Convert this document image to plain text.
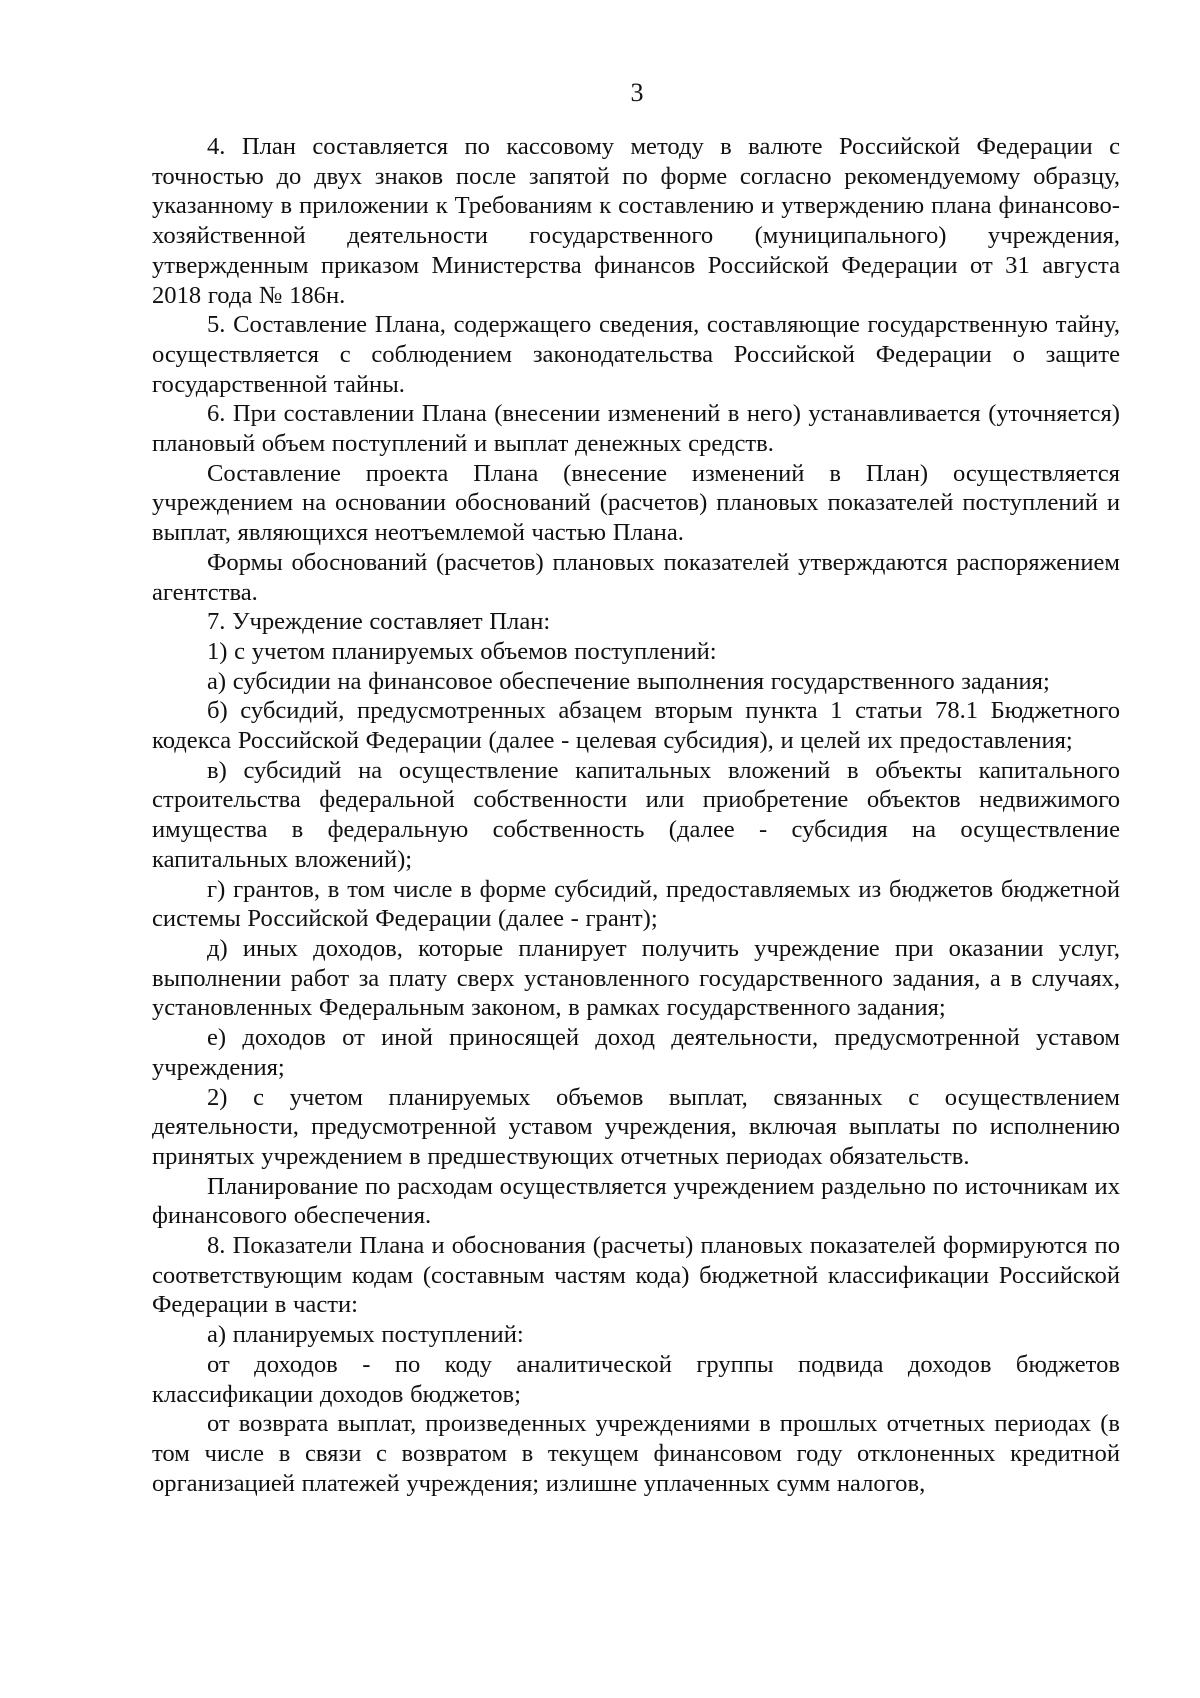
3

4. План составляется по кассовому методу в валюте Российской Федерации с точностью до двух знаков после запятой по форме согласно рекомендуемому образцу, указанному в приложении к Требованиям к составлению и утверждению плана финансово-хозяйственной деятельности государственного (муниципального) учреждения, утвержденным приказом Министерства финансов Российской Федерации от 31 августа 2018 года № 186н.

5. Составление Плана, содержащего сведения, составляющие государственную тайну, осуществляется с соблюдением законодательства Российской Федерации о защите государственной тайны.

6. При составлении Плана (внесении изменений в него) устанавливается (уточняется) плановый объем поступлений и выплат денежных средств.

Составление проекта Плана (внесение изменений в План) осуществляется учреждением на основании обоснований (расчетов) плановых показателей поступлений и выплат, являющихся неотъемлемой частью Плана.

Формы обоснований (расчетов) плановых показателей утверждаются распоряжением агентства.

7. Учреждение составляет План:

1) с учетом планируемых объемов поступлений:

а) субсидии на финансовое обеспечение выполнения государственного задания;

б) субсидий, предусмотренных абзацем вторым пункта 1 статьи 78.1 Бюджетного кодекса Российской Федерации (далее - целевая субсидия), и целей их предоставления;

в) субсидий на осуществление капитальных вложений в объекты капитального строительства федеральной собственности или приобретение объектов недвижимого имущества в федеральную собственность (далее - субсидия на осуществление капитальных вложений);

г) грантов, в том числе в форме субсидий, предоставляемых из бюджетов бюджетной системы Российской Федерации (далее - грант);

д) иных доходов, которые планирует получить учреждение при оказании услуг, выполнении работ за плату сверх установленного государственного задания, а в случаях, установленных Федеральным законом, в рамках государственного задания;

е) доходов от иной приносящей доход деятельности, предусмотренной уставом учреждения;

2) с учетом планируемых объемов выплат, связанных с осуществлением деятельности, предусмотренной уставом учреждения, включая выплаты по исполнению принятых учреждением в предшествующих отчетных периодах обязательств.

Планирование по расходам осуществляется учреждением раздельно по источникам их финансового обеспечения.

8. Показатели Плана и обоснования (расчеты) плановых показателей формируются по соответствующим кодам (составным частям кода) бюджетной классификации Российской Федерации в части:

а) планируемых поступлений:

от доходов - по коду аналитической группы подвида доходов бюджетов классификации доходов бюджетов;

от возврата выплат, произведенных учреждениями в прошлых отчетных периодах (в том числе в связи с возвратом в текущем финансовом году отклоненных кредитной организацией платежей учреждения; излишне уплаченных сумм налогов,
